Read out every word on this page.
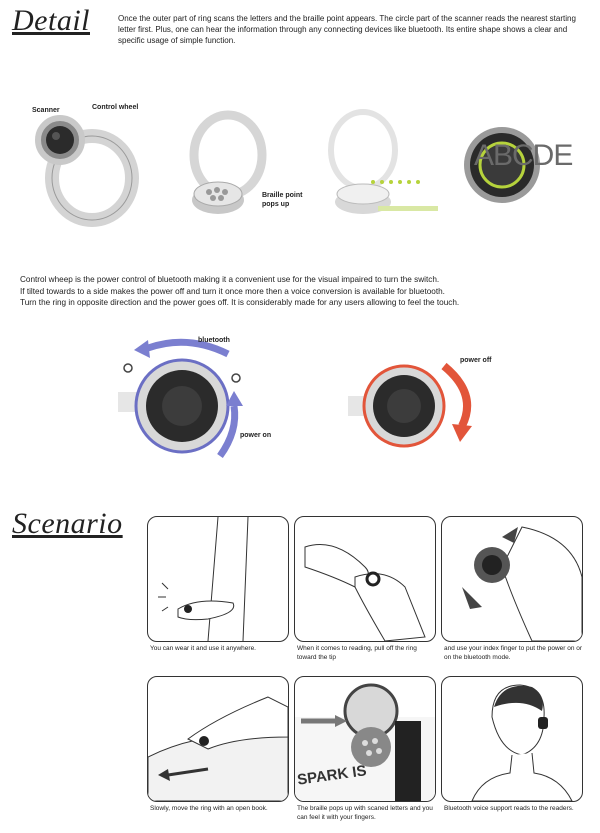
Detail	Once the outer part of ring scans the letters and the braille point appears. The circle part of the scanner reads the nearest starting letter first. Plus, one can hear the information through any connecting devices like bluetooth. Its entire shape shows a clear and specific usage of simple function.
Scanner	Control wheel
Braille point
pops up
ABCDE
Control wheep is the power control of bluetooth making it a convenient use for the visual impaired to turn the switch.
If tilted towards to a side makes the power off and turn it once more then a voice conversion is available for bluetooth.
Turn the ring in opposite direction and the power goes off. It is considerably made for any users allowing to feel the touch.
bluetooth
power on
power off
Scenario
You can wear it and use it anywhere.	When it comes to reading, pull off the ring toward the tip
and use your index finger to put the power on or on the bluetooth mode.
Slowly, move the ring with an open book.
SPARK IS
The braille pops up with scaned letters and you can feel it with your fingers.
Bluetooth voice support reads to the readers.
